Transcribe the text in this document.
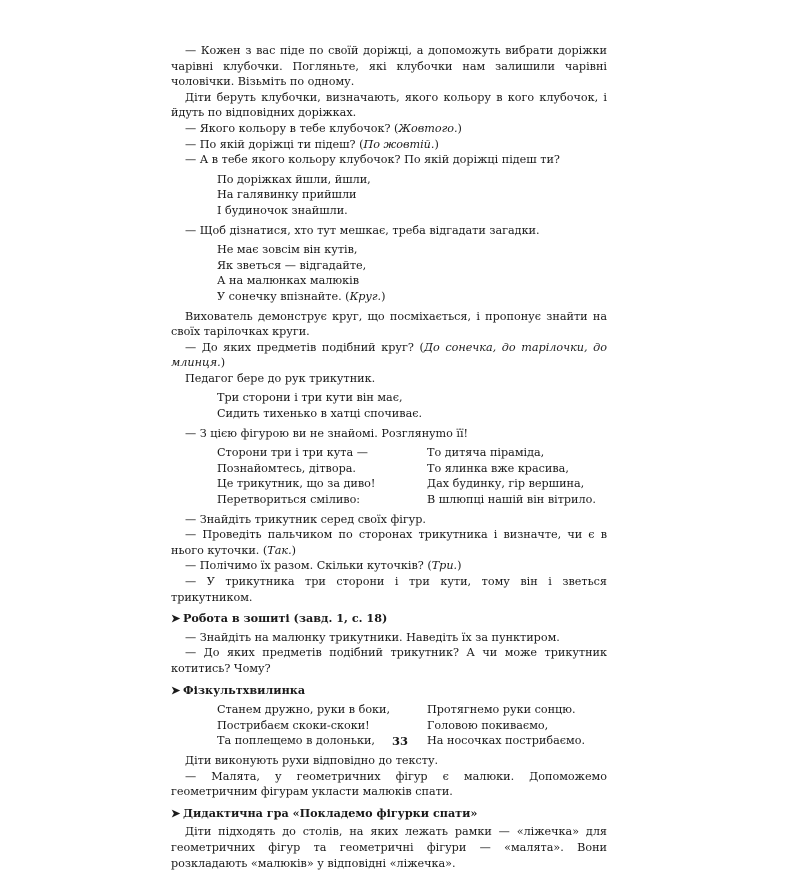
— Кожен з вас піде по своїй доріжці, а допоможуть вибрати доріжки чарівні клубочки. Погляньте, які клубочки нам залишили чарівні чоловічки. Візьміть по одному.

Діти беруть клубочки, визначають, якого кольору в кого клубочок, і йдуть по відповідних доріжках.

— Якого кольору в тебе клубочок? (Жовтого.)

— По якій доріжці ти підеш? (По жовтій.)

— А в тебе якого кольору клубочок? По якій доріжці підеш ти?

По доріжках йшли, йшли,
На галявинку прийшли
І будиночок знайшли.

— Щоб дізнатися, хто тут мешкає, треба відгадати загадки.

Не має зовсім він кутів,
Як зветься — відгадайте,
А на малюнках малюків
У сонечку впізнайте. (Круг.)

Вихователь демонструє круг, що посміхається, і пропонує знайти на своїх тарілочках круги.

— До яких предметів подібний круг? (До сонечка, до тарілочки, до млинця.)

Педагог бере до рук трикутник.

Три сторони і три кути він має,
Сидить тихенько в хатці спочиває.

— З цією фігурою ви не знайомі. Розглянymo її!

Сторони три і три кута —	То дитяча піраміда,
Познайомтесь, дітвора.	То ялинка вже красива,
Це трикутник, що за диво!	Дах будинку, гір вершина,
Перетвориться сміливо:	В шлюпці нашій він вітрило.

— Знайдіть трикутник серед своїх фігур.

— Проведіть пальчиком по сторонах трикутника і визначте, чи є в нього куточки. (Так.)

— Полічимо їх разом. Скільки куточків? (Три.)

— У трикутника три сторони і три кути, тому він і зветься трикутником.

➤ Робота в зошиті (завд. 1, с. 18)

— Знайдіть на малюнку трикутники. Наведіть їх за пунктиром.

— До яких предметів подібний трикутник? А чи може трикутник котитись? Чому?

➤ Фізкультхвилинка
Станем дружно, руки в боки,	Протягнемо руки сонцю.
Пострибаєм скоки-скоки!	Головою покиваємо,
Та поплещемо в долоньки,	На носочках пострибаємо.

Діти виконують рухи відповідно до тексту.

— Малята, у геометричних фігур є малюки. Допоможемо геометричним фігурам укласти малюків спати.

➤ Дидактична гра «Покладемо фігурки спати»

Діти підходять до столів, на яких лежать рамки — «ліжечка» для геометричних фігур та геометричні фігури — «малята». Вони розкладають «малюків» у відповідні «ліжечка».

33
